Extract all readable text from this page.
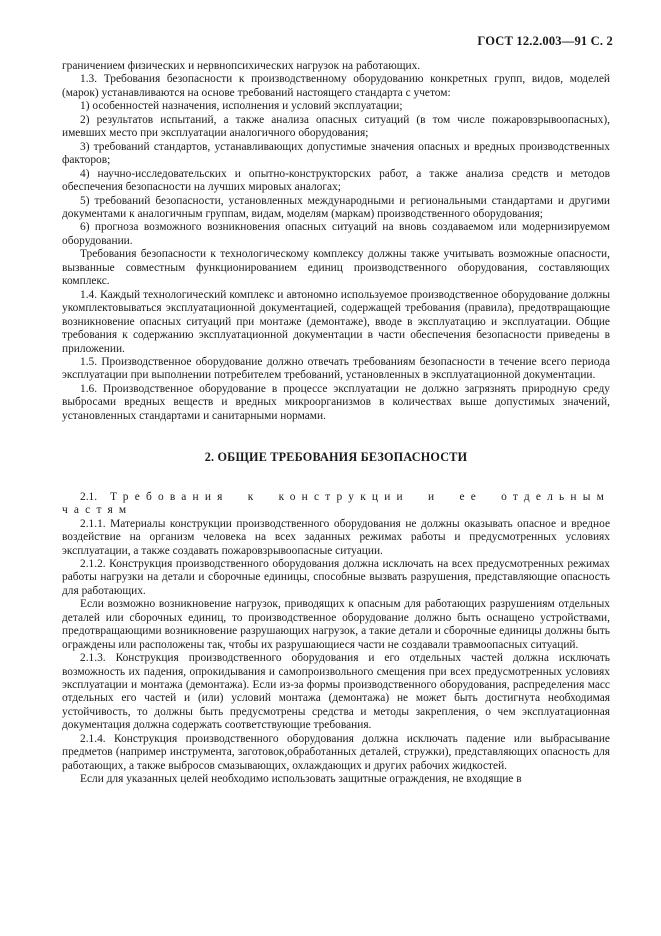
ГОСТ 12.2.003—91 С. 2

граничением физических и нервнопсихических нагрузок на работающих.

1.3. Требования безопасности к производственному оборудованию конкретных групп, видов, моделей (марок) устанавливаются на основе требований настоящего стандарта с учетом:

1) особенностей назначения, исполнения и условий эксплуатации;

2) результатов испытаний, а также анализа опасных ситуаций (в том числе пожаровзрывоопасных), имевших место при эксплуатации аналогичного оборудования;

3) требований стандартов, устанавливающих допустимые значения опасных и вредных производственных факторов;

4) научно-исследовательских и опытно-конструкторских работ, а также анализа средств и методов обеспечения безопасности на лучших мировых аналогах;

5) требований безопасности, установленных международными и региональными стандартами и другими документами к аналогичным группам, видам, моделям (маркам) производственного оборудования;

6) прогноза возможного возникновения опасных ситуаций на вновь создаваемом или модернизируемом оборудовании.

Требования безопасности к технологическому комплексу должны также учитывать возможные опасности, вызванные совместным функционированием единиц производственного оборудования, составляющих комплекс.

1.4. Каждый технологический комплекс и автономно используемое производственное оборудование должны укомплектовываться эксплуатационной документацией, содержащей требования (правила), предотвращающие возникновение опасных ситуаций при монтаже (демонтаже), вводе в эксплуатацию и эксплуатации. Общие требования к содержанию эксплуатационной документации в части обеспечения безопасности приведены в приложении.

1.5. Производственное оборудование должно отвечать требованиям безопасности в течение всего периода эксплуатации при выполнении потребителем требований, установленных в эксплуатационной документации.

1.6. Производственное оборудование в процессе эксплуатации не должно загрязнять природную среду выбросами вредных веществ и вредных микроорганизмов в количествах выше допустимых значений, установленных стандартами и санитарными нормами.

2. ОБЩИЕ ТРЕБОВАНИЯ БЕЗОПАСНОСТИ

2.1. Требования к конструкции и ее отдельным частям

2.1.1. Материалы конструкции производственного оборудования не должны оказывать опасное и вредное воздействие на организм человека на всех заданных режимах работы и предусмотренных условиях эксплуатации, а также создавать пожаровзрывоопасные ситуации.

2.1.2. Конструкция производственного оборудования должна исключать на всех предусмотренных режимах работы нагрузки на детали и сборочные единицы, способные вызвать разрушения, представляющие опасность для работающих.

Если возможно возникновение нагрузок, приводящих к опасным для работающих разрушениям отдельных деталей или сборочных единиц, то производственное оборудование должно быть оснащено устройствами, предотвращающими возникновение разрушающих нагрузок, а такие детали и сборочные единицы должны быть ограждены или расположены так, чтобы их разрушающиеся части не создавали травмоопасных ситуаций.

2.1.3. Конструкция производственного оборудования и его отдельных частей должна исключать возможность их падения, опрокидывания и самопроизвольного смещения при всех предусмотренных условиях эксплуатации и монтажа (демонтажа). Если из-за формы производственного оборудования, распределения масс отдельных его частей и (или) условий монтажа (демонтажа) не может быть достигнута необходимая устойчивость, то должны быть предусмотрены средства и методы закрепления, о чем эксплуатационная документация должна содержать соответствующие требования.

2.1.4. Конструкция производственного оборудования должна исключать падение или выбрасывание предметов (например инструмента, заготовок,обработанных деталей, стружки), представляющих опасность для работающих, а также выбросов смазывающих, охлаждающих и других рабочих жидкостей.

Если для указанных целей необходимо использовать защитные ограждения, не входящие в
